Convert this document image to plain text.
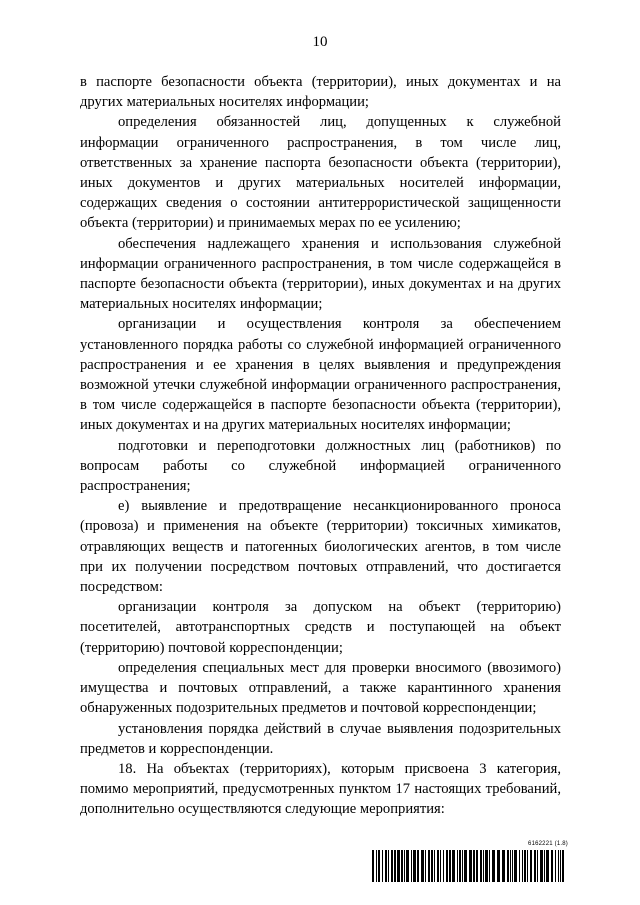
10

в паспорте безопасности объекта (территории), иных документах и на других материальных носителях информации;

определения обязанностей лиц, допущенных к служебной информации ограниченного распространения, в том числе лиц, ответственных за хранение паспорта безопасности объекта (территории), иных документов и других материальных носителей информации, содержащих сведения о состоянии антитеррористической защищенности объекта (территории) и принимаемых мерах по ее усилению;

обеспечения надлежащего хранения и использования служебной информации ограниченного распространения, в том числе содержащейся в паспорте безопасности объекта (территории), иных документах и на других материальных носителях информации;

организации и осуществления контроля за обеспечением установленного порядка работы со служебной информацией ограниченного распространения и ее хранения в целях выявления и предупреждения возможной утечки служебной информации ограниченного распространения, в том числе содержащейся в паспорте безопасности объекта (территории), иных документах и на других материальных носителях информации;

подготовки и переподготовки должностных лиц (работников) по вопросам работы со служебной информацией ограниченного распространения;

е) выявление и предотвращение несанкционированного проноса (провоза) и применения на объекте (территории) токсичных химикатов, отравляющих веществ и патогенных биологических агентов, в том числе при их получении посредством почтовых отправлений, что достигается посредством:

организации контроля за допуском на объект (территорию) посетителей, автотранспортных средств и поступающей на объект (территорию) почтовой корреспонденции;

определения специальных мест для проверки вносимого (ввозимого) имущества и почтовых отправлений, а также карантинного хранения обнаруженных подозрительных предметов и почтовой корреспонденции;

установления порядка действий в случае выявления подозрительных предметов и корреспонденции.

18. На объектах (территориях), которым присвоена 3 категория, помимо мероприятий, предусмотренных пунктом 17 настоящих требований, дополнительно осуществляются следующие мероприятия:

6162221 (1.8)
